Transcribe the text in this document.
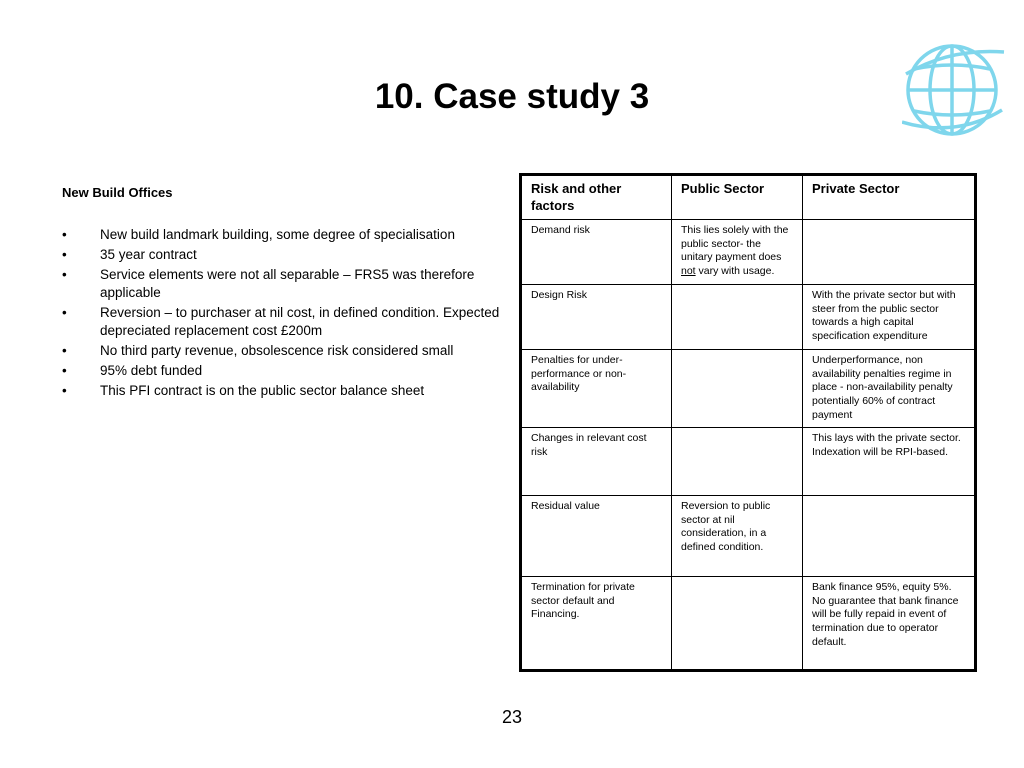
10. Case study 3
New Build Offices
• New build landmark building, some degree of specialisation
• 35 year contract
• Service elements were not all separable – FRS5 was therefore applicable
• Reversion – to purchaser at nil cost, in defined condition. Expected depreciated replacement cost £200m
• No third party revenue, obsolescence risk considered small
• 95% debt funded
• This PFI contract is on the public sector balance sheet
Risk and other factors	Public Sector	Private Sector
Demand risk	This lies solely with the public sector- the unitary payment does not vary with usage.	
Design Risk		With the private sector but with steer from the public sector towards a high capital specification expenditure
Penalties for under-performance or non-availability		Underperformance, non availability penalties regime in place - non-availability penalty potentially 60% of contract payment
Changes in relevant cost risk		This lays with the private sector. Indexation will be RPI-based.
Residual value	Reversion to public sector at nil consideration, in a defined condition.	
Termination for private sector default and Financing.		Bank finance 95%, equity 5%. No guarantee that bank finance will be fully repaid in event of termination due to operator default.
23
